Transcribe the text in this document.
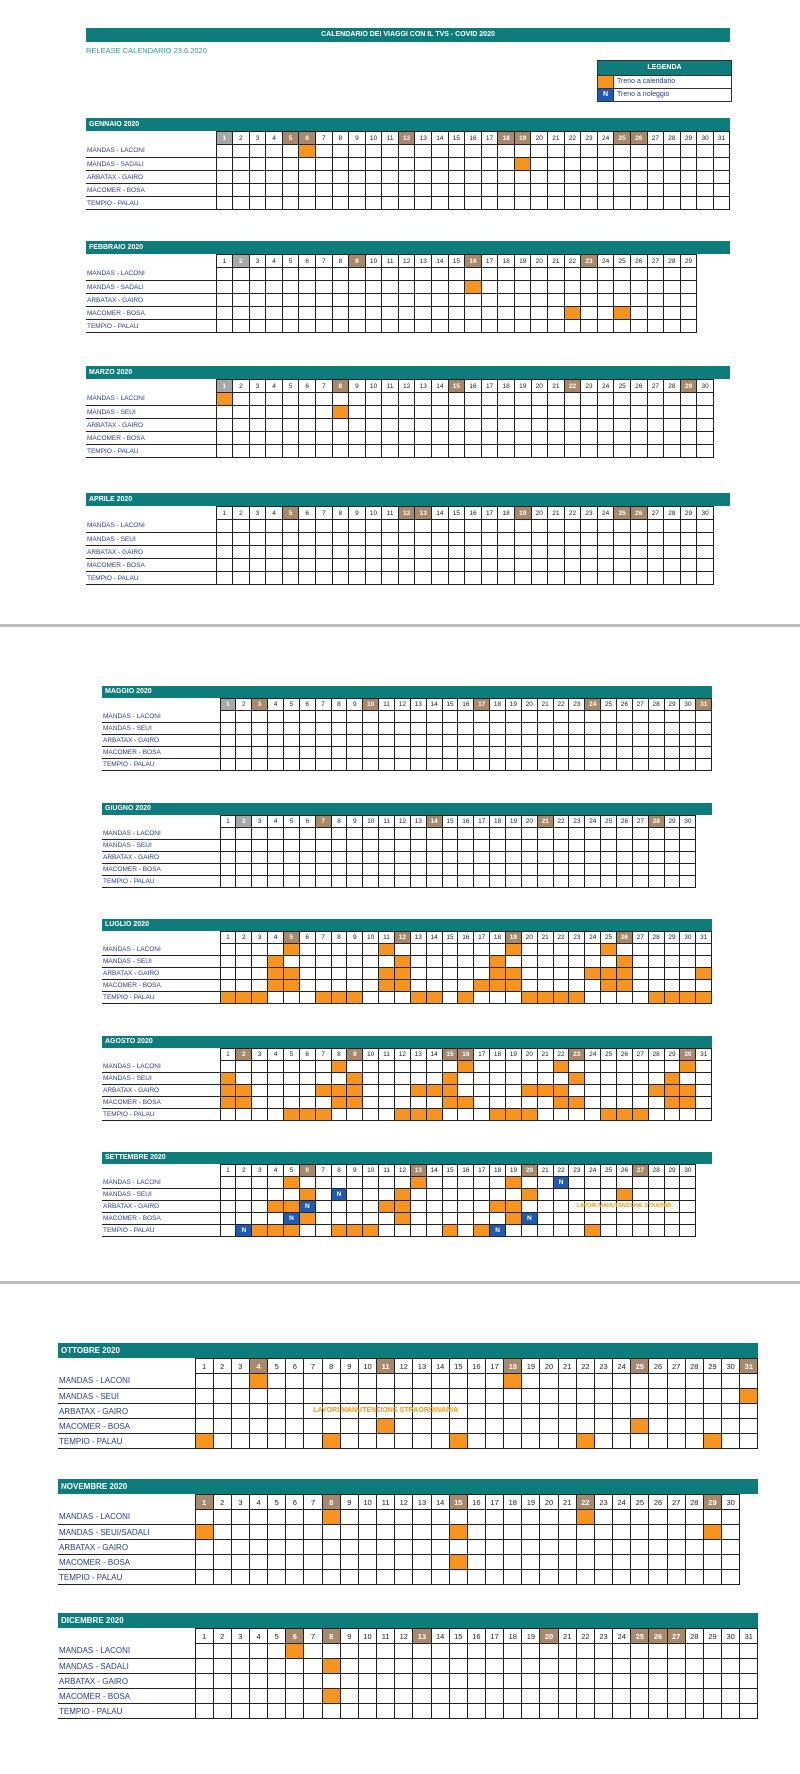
CALENDARIO DEI VIAGGI CON IL TVS - COVID 2020
RELEASE CALENDARIO 23.6.2020
LEGENDA
Treno a calendario
N	Treno a noleggio
GENNAIO 2020
	1	2	3	4	5	6	7	8	9	10	11	12	13	14	15	16	17	18	19	20	21	22	23	24	25	26	27	28	29	30	31
MANDAS - LACONI																															
MANDAS - SADALI																															
ARBATAX - GAIRO																															
MACOMER - BOSA																															
TEMPIO - PALAU																															
FEBBRAIO 2020
	1	2	3	4	5	6	7	8	9	10	11	12	13	14	15	16	17	18	19	20	21	22	23	24	25	26	27	28	29		
MANDAS - LACONI																															
MANDAS - SADALI																															
ARBATAX - GAIRO																															
MACOMER - BOSA																															
TEMPIO - PALAU																															
MARZO 2020
	1	2	3	4	5	6	7	8	9	10	11	12	13	14	15	16	17	18	19	20	21	22	23	24	25	26	27	28	29	30	
MANDAS - LACONI																															
MANDAS - SEUI																															
ARBATAX - GAIRO																															
MACOMER - BOSA																															
TEMPIO - PALAU																															
APRILE 2020
	1	2	3	4	5	6	7	8	9	10	11	12	13	14	15	16	17	18	19	20	21	22	23	24	25	26	27	28	29	30	
MANDAS - LACONI																															
MANDAS - SEUI																															
ARBATAX - GAIRO																															
MACOMER - BOSA																															
TEMPIO - PALAU																															
MAGGIO 2020
	1	2	3	4	5	6	7	8	9	10	11	12	13	14	15	16	17	18	19	20	21	22	23	24	25	26	27	28	29	30	31
MANDAS - LACONI																															
MANDAS - SEUI																															
ARBATAX - GAIRO																															
MACOMER - BOSA																															
TEMPIO - PALAU																															
GIUGNO 2020
	1	2	3	4	5	6	7	8	9	10	11	12	13	14	15	16	17	18	19	20	21	22	23	24	25	26	27	28	29	30	
MANDAS - LACONI																															
MANDAS - SEUI																															
ARBATAX - GAIRO																															
MACOMER - BOSA																															
TEMPIO - PALAU																															
LUGLIO 2020
	1	2	3	4	5	6	7	8	9	10	11	12	13	14	15	16	17	18	19	20	21	22	23	24	25	26	27	28	29	30	31
MANDAS - LACONI																															
MANDAS - SEUI																															
ARBATAX - GAIRO																															
MACOMER - BOSA																															
TEMPIO - PALAU																															
AGOSTO 2020
	1	2	3	4	5	6	7	8	9	10	11	12	13	14	15	16	17	18	19	20	21	22	23	24	25	26	27	28	29	30	31
MANDAS - LACONI																															
MANDAS - SEUI																															
ARBATAX - GAIRO																															
MACOMER - BOSA																															
TEMPIO - PALAU																															
SETTEMBRE 2020
LAVORI MANUTENZIONE STRAORD.
	1	2	3	4	5	6	7	8	9	10	11	12	13	14	15	16	17	18	19	20	21	22	23	24	25	26	27	28	29	30	
MANDAS - LACONI																						N									
MANDAS - SEUI								N																							
ARBATAX - GAIRO						N																									
MACOMER - BOSA					N															N											
TEMPIO - PALAU		N																N													
OTTOBRE 2020
LAVORI MANUTENZIONE STRAORDINARIA
	1	2	3	4	5	6	7	8	9	10	11	12	13	14	15	16	17	18	19	20	21	22	23	24	25	26	27	28	29	30	31
MANDAS - LACONI																															
MANDAS - SEUI																															
ARBATAX - GAIRO																															
MACOMER - BOSA																															
TEMPIO - PALAU																															
NOVEMBRE 2020
	1	2	3	4	5	6	7	8	9	10	11	12	13	14	15	16	17	18	19	20	21	22	23	24	25	26	27	28	29	30	
MANDAS - LACONI																															
MANDAS - SEUI/SADALI																															
ARBATAX - GAIRO																															
MACOMER - BOSA																															
TEMPIO - PALAU																															
DICEMBRE 2020
	1	2	3	4	5	6	7	8	9	10	11	12	13	14	15	16	17	18	19	20	21	22	23	24	25	26	27	28	29	30	31
MANDAS - LACONI																															
MANDAS - SADALI																															
ARBATAX - GAIRO																															
MACOMER - BOSA																															
TEMPIO - PALAU																															
